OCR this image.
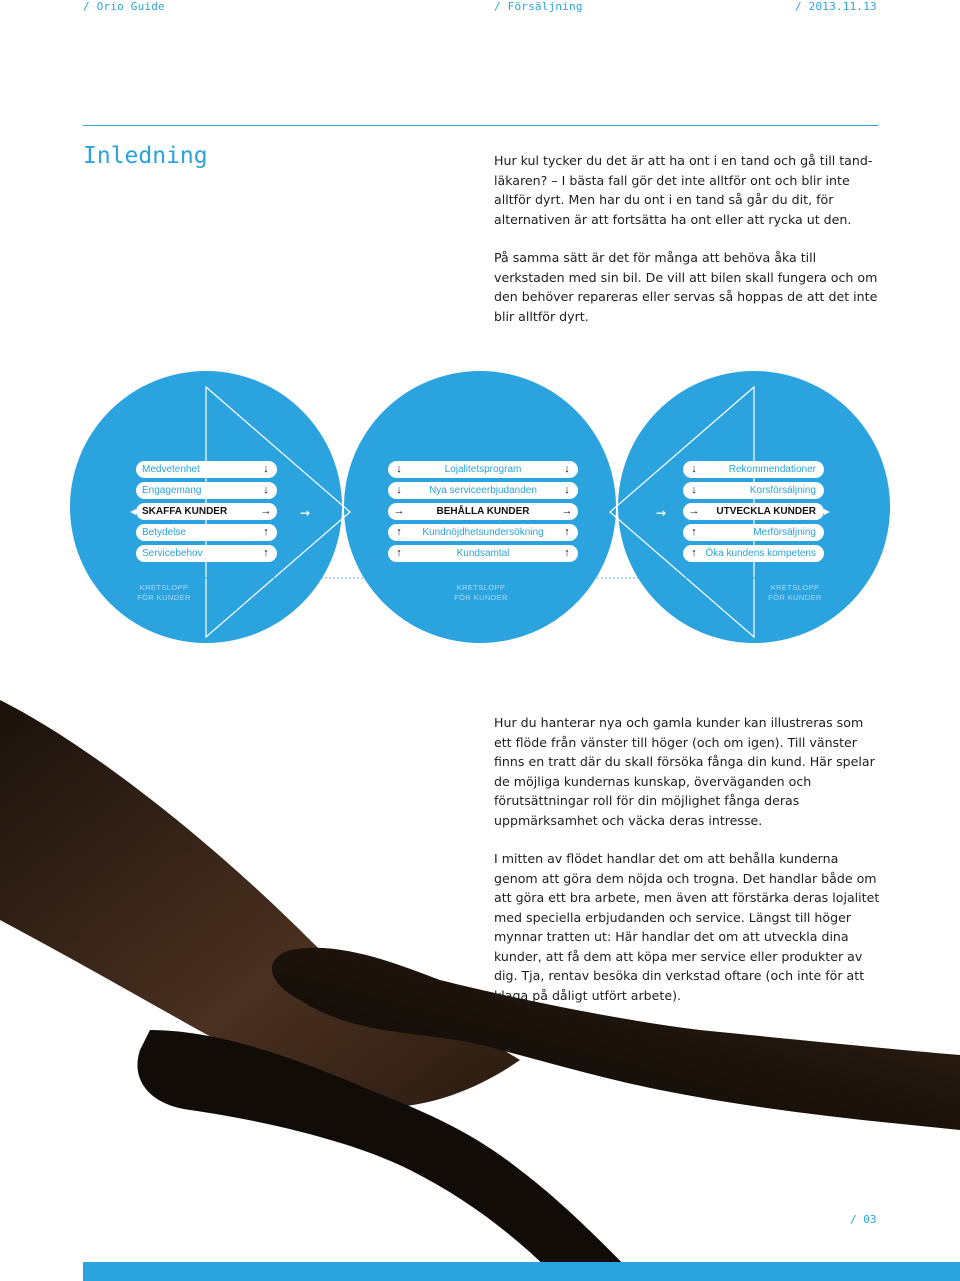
/ Orio Guide	/ Försäljning	/ 2013.11.13
Inledning	Hur kul tycker du det är att ha ont i en tand och gå till tand-läkaren? – I bästa fall gör det inte alltför ont och blir inte alltför dyrt. Men har du ont i en tand så går du dit, för alternativen är att fortsätta ha ont eller att rycka ut den.

På samma sätt är det för många att behöva åka till verkstaden med sin bil. De vill att bilen skall fungera och om den behöver repareras eller servas så hoppas de att det inte blir alltför dyrt.

→	→
Medvetenhet	↓
Engagemang	↓
SKAFFA KUNDER	→
Betydelse	↑
Servicebehov	↑
↓	Lojalitetsprogram	↓
↓	Nya serviceerbjudanden ↓
→	BEHÅLLA KUNDER	→
↑	Kundnöjdhetsundersökning ↑
↑	Kundsamtal	↑
↓	Rekommendationer
↓	Korsförsäljning
→ UTVECKLA KUNDER
↑	Merförsäljning
↑ Öka kundens kompetens
KRETSLOPP
FÖR KUNDER
KRETSLOPP
FÖR KUNDER
KRETSLOPP
FÖR KUNDER

Hur du hanterar nya och gamla kunder kan illustreras som ett flöde från vänster till höger (och om igen). Till vänster finns en tratt där du skall försöka fånga din kund. Här spelar de möjliga kundernas kunskap, överväganden och förutsättningar roll för din möjlighet fånga deras uppmärksamhet och väcka deras intresse.

I mitten av flödet handlar det om att behålla kunderna genom att göra dem nöjda och trogna. Det handlar både om att göra ett bra arbete, men även att förstärka deras lojalitet med speciella erbjudanden och service. Längst till höger mynnar tratten ut: Här handlar det om att utveckla dina kunder, att få dem att köpa mer service eller produkter av dig. Tja, rentav besöka din verkstad oftare (och inte för att klaga på dåligt utfört arbete).

/ 03
